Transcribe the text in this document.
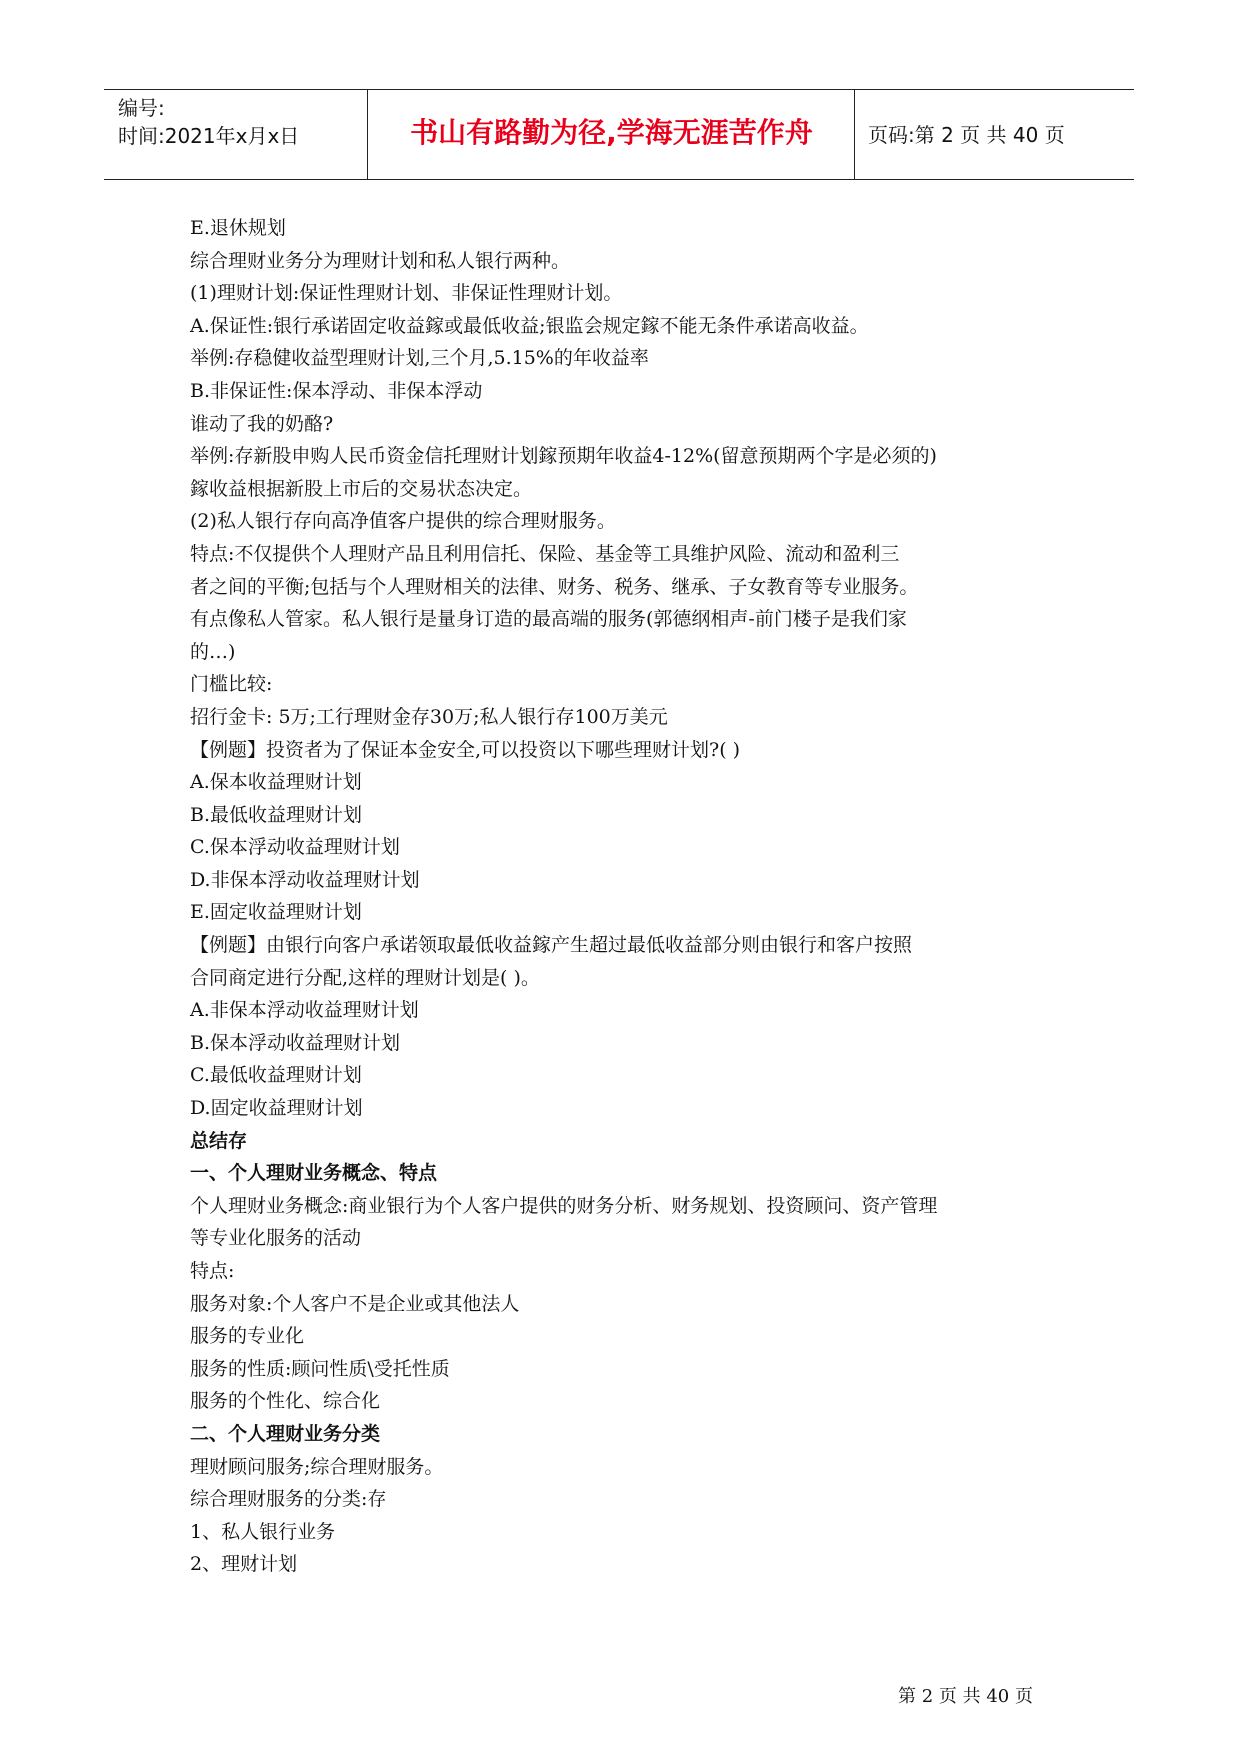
编号:
时间:2021年x月x日	书山有路勤为径,学海无涯苦作舟	页码:第 2 页 共 40 页
E.退休规划
综合理财业务分为理财计划和私人银行两种。
(1)理财计划:保证性理财计划、非保证性理财计划。
A.保证性:银行承诺固定收益鎵或最低收益;银监会规定鎵不能无条件承诺高收益。
举例:存稳健收益型理财计划,三个月,5.15%的年收益率
B.非保证性:保本浮动、非保本浮动
谁动了我的奶酪?
举例:存新股申购人民币资金信托理财计划鎵预期年收益4-12%(留意预期两个字是必须的)
鎵收益根据新股上市后的交易状态决定。
(2)私人银行存向高净值客户提供的综合理财服务。
特点:不仅提供个人理财产品且利用信托、保险、基金等工具维护风险、流动和盈利三
者之间的平衡;包括与个人理财相关的法律、财务、税务、继承、子女教育等专业服务。
有点像私人管家。私人银行是量身订造的最高端的服务(郭德纲相声-前门楼子是我们家
的…)
门槛比较:
招行金卡: 5万;工行理财金存30万;私人银行存100万美元
【例题】投资者为了保证本金安全,可以投资以下哪些理财计划?( )
A.保本收益理财计划
B.最低收益理财计划
C.保本浮动收益理财计划
D.非保本浮动收益理财计划
E.固定收益理财计划
【例题】由银行向客户承诺领取最低收益鎵产生超过最低收益部分则由银行和客户按照
合同商定进行分配,这样的理财计划是( )。
A.非保本浮动收益理财计划
B.保本浮动收益理财计划
C.最低收益理财计划
D.固定收益理财计划
总结存
一、个人理财业务概念、特点
个人理财业务概念:商业银行为个人客户提供的财务分析、财务规划、投资顾问、资产管理
等专业化服务的活动
特点:
服务对象:个人客户不是企业或其他法人
服务的专业化
服务的性质:顾问性质\受托性质
服务的个性化、综合化
二、个人理财业务分类
理财顾问服务;综合理财服务。
综合理财服务的分类:存
1、私人银行业务
2、理财计划
第 2 页 共 40 页
